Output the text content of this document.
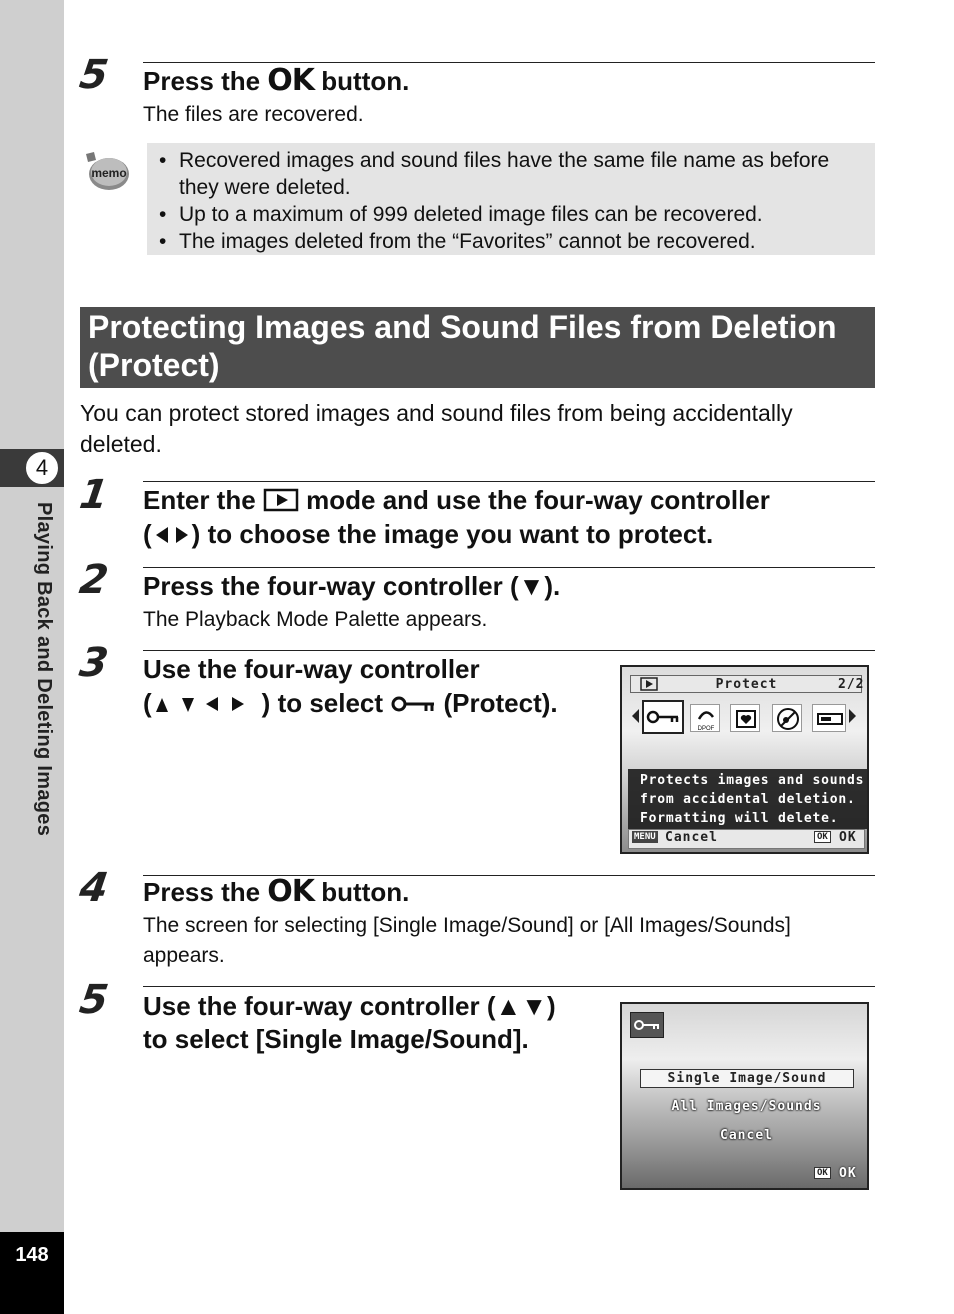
4
Playing Back and Deleting Images
148
5 Press the OK button.
The files are recovered.
memo
• Recovered images and sound files have the same file name as before they were deleted.
• Up to a maximum of 999 deleted image files can be recovered.
• The images deleted from the “Favorites” cannot be recovered.
Protecting Images and Sound Files from Deletion (Protect)
You can protect stored images and sound files from being accidentally deleted.
1 Enter the  mode and use the four-way controller
( ) to choose the image you want to protect.
2 Press the four-way controller (▼).
The Playback Mode Palette appears.
3 Use the four-way controller
(	) to select  (Protect).
Protect	2/2
DPOF
Protects images and sounds
from accidental deletion.
Formatting will delete.
MENU Cancel	OK OK
4 Press the OK button.
The screen for selecting [Single Image/Sound] or [All Images/Sounds] appears.
5 Use the four-way controller (▲▼)
to select [Single Image/Sound].
Single Image/Sound
All Images/Sounds
Cancel
OK OK
